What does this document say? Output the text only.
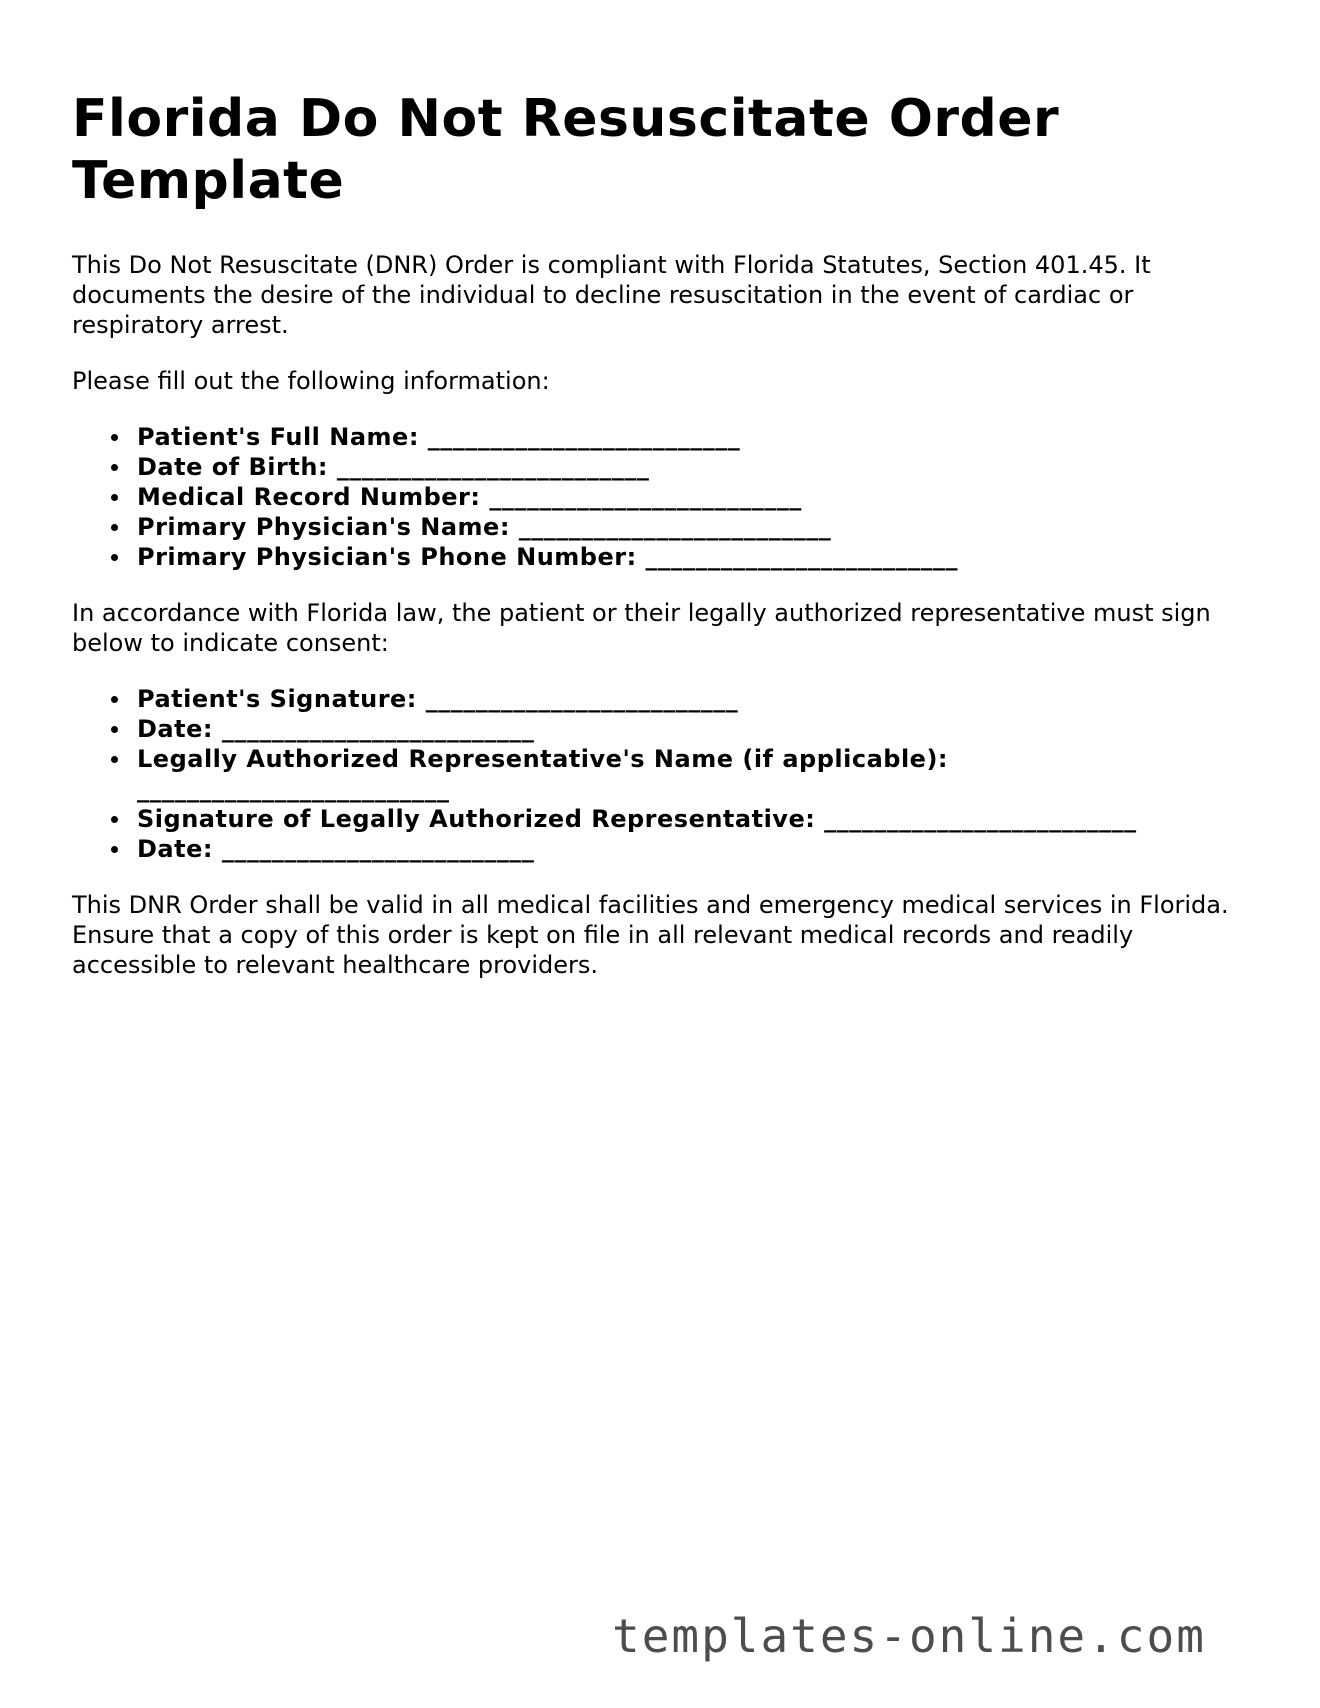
Florida Do Not Resuscitate Order Template

This Do Not Resuscitate (DNR) Order is compliant with Florida Statutes, Section 401.45. It documents the desire of the individual to decline resuscitation in the event of cardiac or respiratory arrest.

Please fill out the following information:

Patient's Full Name: _________________________
Date of Birth: _________________________
Medical Record Number: _________________________
Primary Physician's Name: _________________________
Primary Physician's Phone Number: _________________________

In accordance with Florida law, the patient or their legally authorized representative must sign below to indicate consent:

Patient's Signature: _________________________
Date: _________________________
Legally Authorized Representative's Name (if applicable): _________________________
Signature of Legally Authorized Representative: _________________________
Date: _________________________

This DNR Order shall be valid in all medical facilities and emergency medical services in Florida. Ensure that a copy of this order is kept on file in all relevant medical records and readily accessible to relevant healthcare providers.

templates-online.com
